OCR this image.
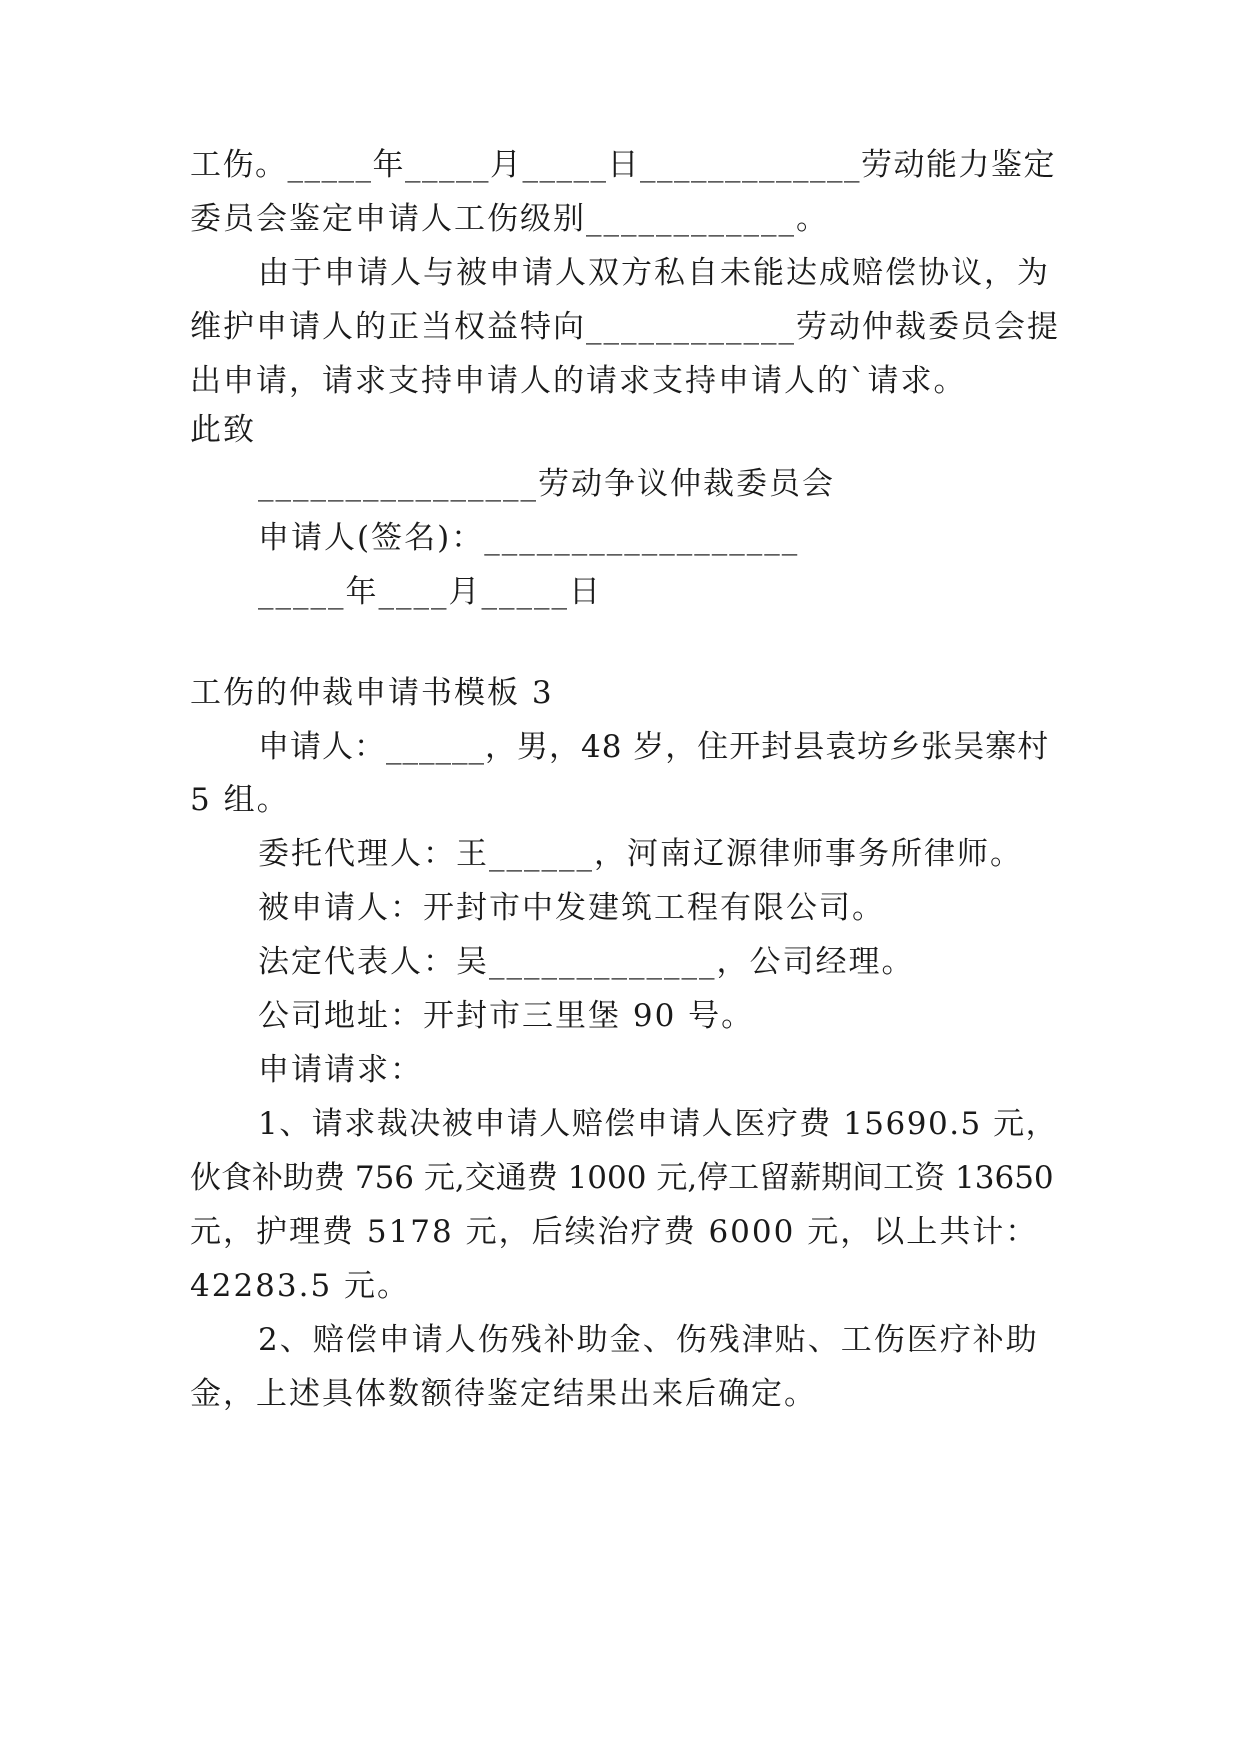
工伤。_____年_____月_____日_____________劳动能力鉴定
委员会鉴定申请人工伤级别____________。
由于申请人与被申请人双方私自未能达成赔偿协议，为
维护申请人的正当权益特向____________劳动仲裁委员会提
出申请，请求支持申请人的请求支持申请人的`请求。
此致
________________劳动争议仲裁委员会
申请人(签名)：__________________
_____年____月_____日
工伤的仲裁申请书模板 3
申请人：______，男，48 岁，住开封县袁坊乡张吴寨村
5 组。
委托代理人：王______，河南辽源律师事务所律师。
被申请人：开封市中发建筑工程有限公司。
法定代表人：吴_____________，公司经理。
公司地址：开封市三里堡 90 号。
申请请求：
1、请求裁决被申请人赔偿申请人医疗费 15690.5 元，
伙食补助费 756 元,交通费 1000 元,停工留薪期间工资 13650
元，护理费 5178 元，后续治疗费 6000 元，以上共计：
42283.5 元。
2、赔偿申请人伤残补助金、伤残津贴、工伤医疗补助
金，上述具体数额待鉴定结果出来后确定。
